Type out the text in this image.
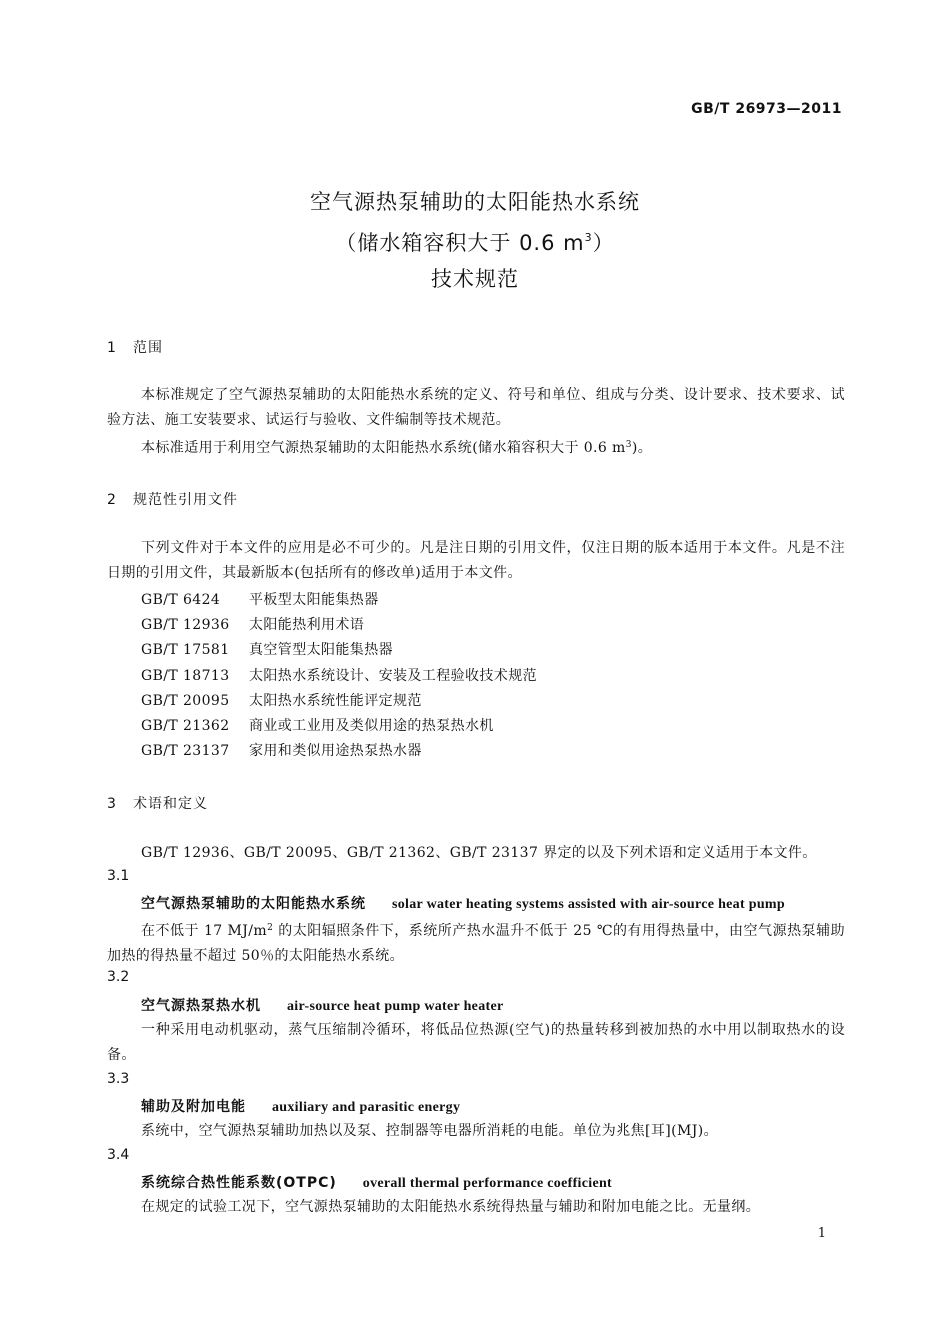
GB/T 26973—2011
空气源热泵辅助的太阳能热水系统
（储水箱容积大于 0.6 $m^3$）
技术规范
1 范围
本标准规定了空气源热泵辅助的太阳能热水系统的定义、符号和单位、组成与分类、设计要求、技术要求、试验方法、施工安装要求、试运行与验收、文件编制等技术规范。
本标准适用于利用空气源热泵辅助的太阳能热水系统(储水箱容积大于 0.6 $m^3$)。
2 规范性引用文件
下列文件对于本文件的应用是必不可少的。凡是注日期的引用文件，仅注日期的版本适用于本文件。凡是不注日期的引用文件，其最新版本(包括所有的修改单)适用于本文件。
GB/T 6424 平板型太阳能集热器
GB/T 12936 太阳能热利用术语
GB/T 17581 真空管型太阳能集热器
GB/T 18713 太阳热水系统设计、安装及工程验收技术规范
GB/T 20095 太阳热水系统性能评定规范
GB/T 21362 商业或工业用及类似用途的热泵热水机
GB/T 23137 家用和类似用途热泵热水器
3 术语和定义
GB/T 12936、GB/T 20095、GB/T 21362、GB/T 23137 界定的以及下列术语和定义适用于本文件。
3.1
空气源热泵辅助的太阳能热水系统 solar water heating systems assisted with air-source heat pump
在不低于 17 $MJ/m^2$ 的太阳辐照条件下，系统所产热水温升不低于 25 ℃的有用得热量中，由空气源热泵辅助加热的得热量不超过 50％的太阳能热水系统。
3.2
空气源热泵热水机 air-source heat pump water heater
一种采用电动机驱动，蒸气压缩制冷循环，将低品位热源(空气)的热量转移到被加热的水中用以制取热水的设备。
3.3
辅助及附加电能 auxiliary and parasitic energy
系统中，空气源热泵辅助加热以及泵、控制器等电器所消耗的电能。单位为兆焦[耳](MJ)。
3.4
系统综合热性能系数(OTPC) overall thermal performance coefficient
在规定的试验工况下，空气源热泵辅助的太阳能热水系统得热量与辅助和附加电能之比。无量纲。
1
